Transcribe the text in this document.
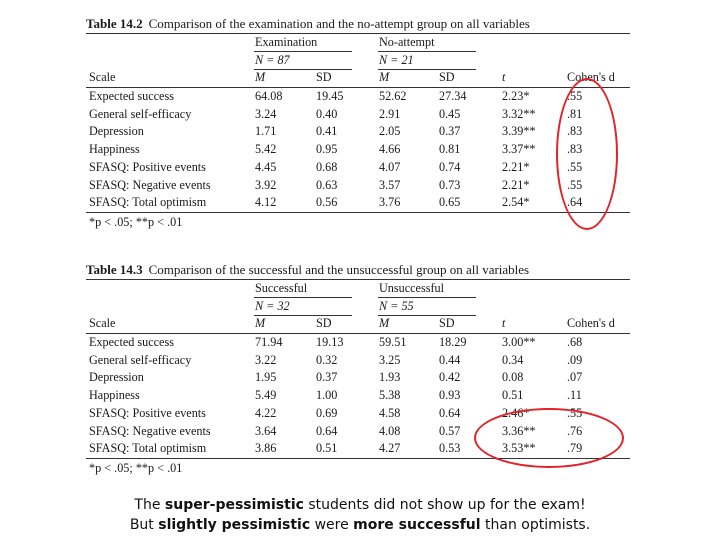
Table 14.2 Comparison of the examination and the no-attempt group on all variables
Examination	No-attempt
N = 87	N = 21
Scale	M	SD	M	SD	t	Cohen's d
Expected success	64.08	19.45	52.62	27.34	2.23*	.55
General self-efficacy	3.24	0.40	2.91	0.45	3.32**	.81
Depression	1.71	0.41	2.05	0.37	3.39**	.83
Happiness	5.42	0.95	4.66	0.81	3.37**	.83
SFASQ: Positive events	4.45	0.68	4.07	0.74	2.21*	.55
SFASQ: Negative events	3.92	0.63	3.57	0.73	2.21*	.55
SFASQ: Total optimism	4.12	0.56	3.76	0.65	2.54*	.64
*p < .05; **p < .01
Table 14.3 Comparison of the successful and the unsuccessful group on all variables
Successful	Unsuccessful
N = 32	N = 55
Scale	M	SD	M	SD	t	Cohen's d
Expected success	71.94	19.13	59.51	18.29	3.00**	.68
General self-efficacy	3.22	0.32	3.25	0.44	0.34	.09
Depression	1.95	0.37	1.93	0.42	0.08	.07
Happiness	5.49	1.00	5.38	0.93	0.51	.11
SFASQ: Positive events	4.22	0.69	4.58	0.64	2.46*	.55
SFASQ: Negative events	3.64	0.64	4.08	0.57	3.36**	.76
SFASQ: Total optimism	3.86	0.51	4.27	0.53	3.53**	.79
*p < .05; **p < .01
The super-pessimistic students did not show up for the exam!
But slightly pessimistic were more successful than optimists.
